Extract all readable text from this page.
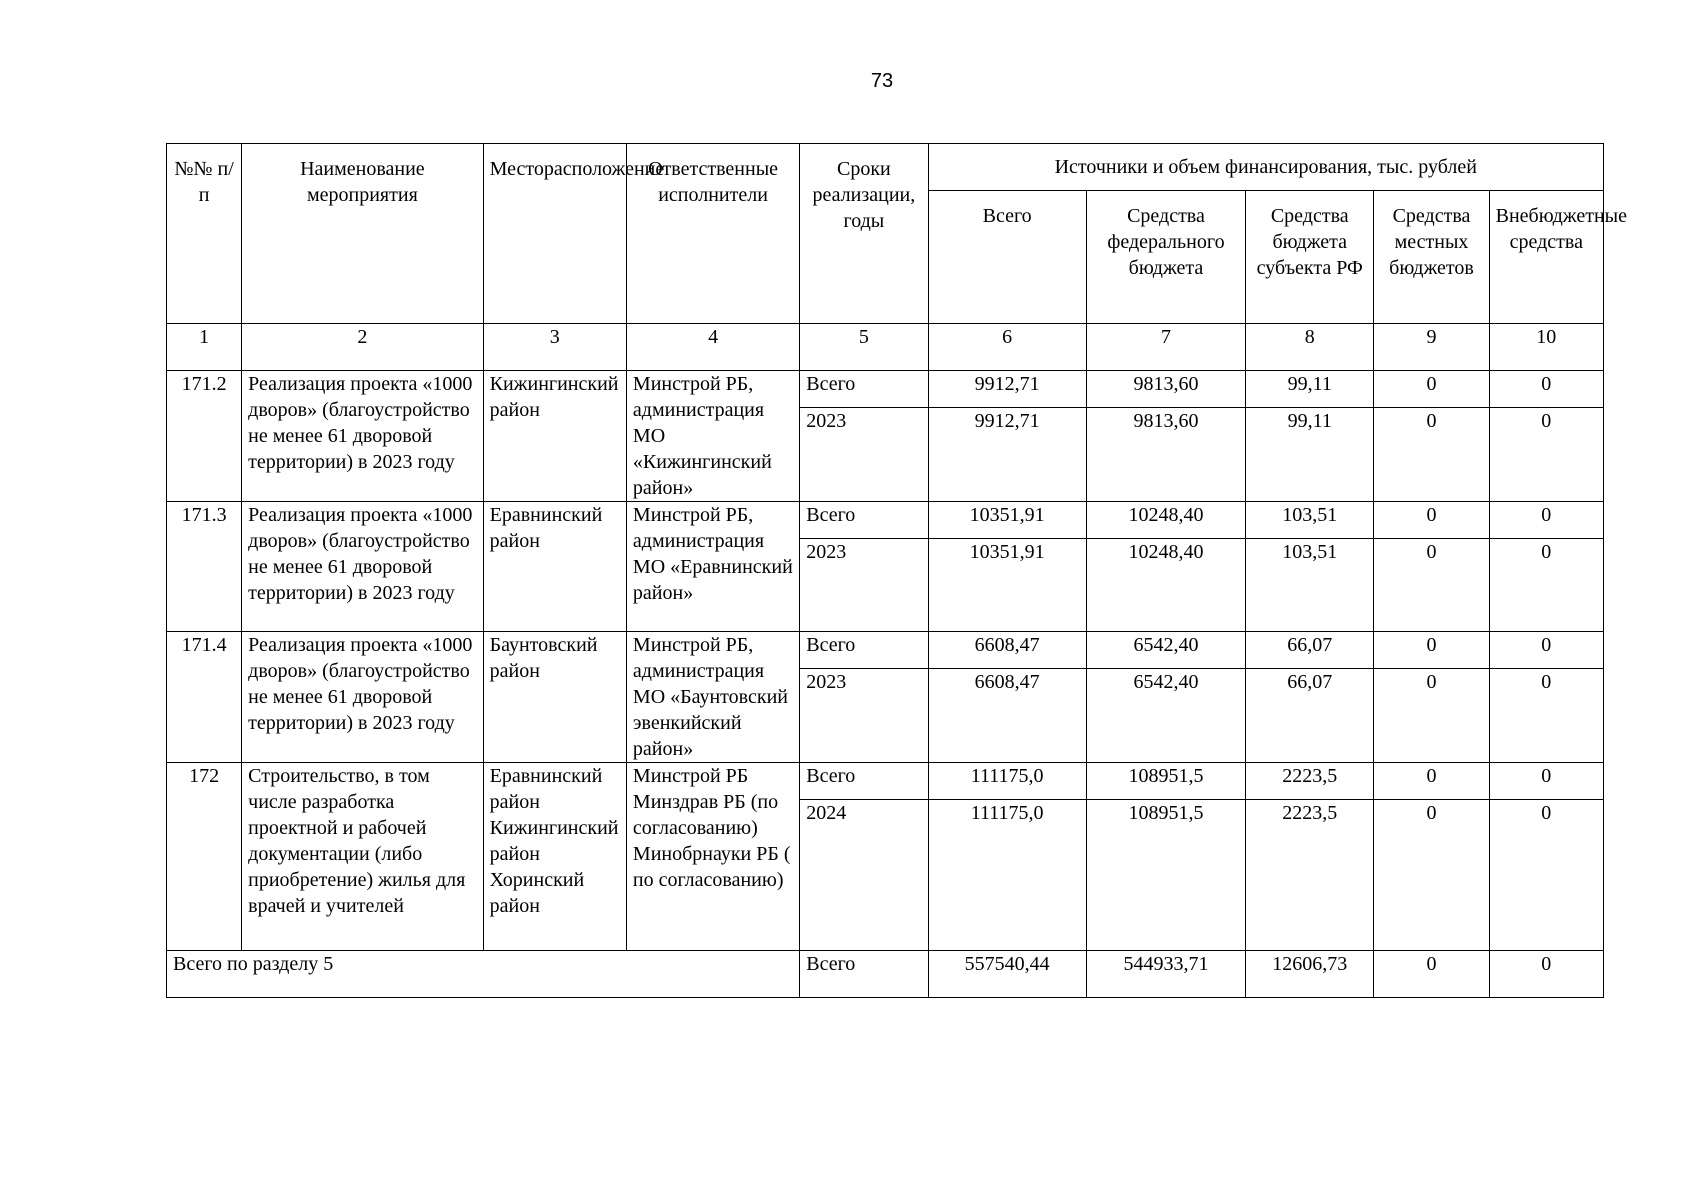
73
№№ п/п	Наименование мероприятия	Месторасположение	Ответственные исполнители	Сроки реализации, годы	Источники и объем финансирования, тыс. рублей				
					Всего	Средства федерального бюджета	Средства бюджета субъекта РФ	Средства местных бюджетов	Внебюджетные средства
1	2	3	4	5	6	7	8	9	10
171.2	Реализация проекта «1000 дворов» (благоустройство не менее 61 дворовой территории) в 2023 году	Кижингинский район	Минстрой РБ, администрация МО «Кижингинский район»	Всего	9912,71	9813,60	99,11	0	0
				2023	9912,71	9813,60	99,11	0	0
171.3	Реализация проекта «1000 дворов» (благоустройство не менее 61 дворовой территории) в 2023 году	Еравнинский район	Минстрой РБ, администрация МО «Еравнинский район»	Всего	10351,91	10248,40	103,51	0	0
				2023	10351,91	10248,40	103,51	0	0
171.4	Реализация проекта «1000 дворов» (благоустройство не менее 61 дворовой территории) в 2023 году	Баунтовский район	Минстрой РБ, администрация МО «Баунтовский эвенкийский район»	Всего	6608,47	6542,40	66,07	0	0
				2023	6608,47	6542,40	66,07	0	0
172	Строительство, в том числе разработка проектной и рабочей документации (либо приобретение) жилья для врачей и учителей	Еравнинский район Кижингинский район Хоринский район	Минстрой РБ Минздрав РБ (по согласованию) Минобрнауки РБ ( по согласованию)	Всего	111175,0	108951,5	2223,5	0	0
				2024	111175,0	108951,5	2223,5	0	0
Всего по разделу 5				Всего	557540,44	544933,71	12606,73	0	0
